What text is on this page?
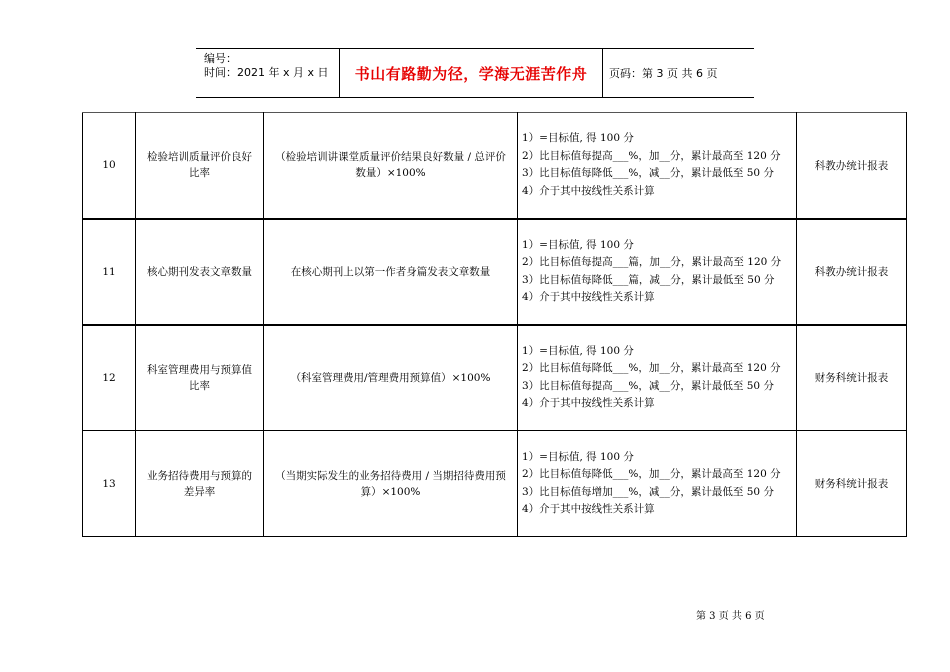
编号：
时间：2021 年 x 月 x 日	书山有路勤为径，学海无涯苦作舟	页码：第 3 页 共 6 页
10	检验培训质量评价良好比率	（检验培训讲课堂质量评价结果良好数量 / 总评价数量）×100%	1）=目标值, 得 100 分
2）比目标值每提高___%，加__分，累计最高至 120 分
3）比目标值每降低___%，减__分，累计最低至 50 分
4）介于其中按线性关系计算	科教办统计报表
11	核心期刊发表文章数量	在核心期刊上以第一作者身篇发表文章数量	1）=目标值, 得 100 分
2）比目标值每提高___篇，加__分，累计最高至 120 分
3）比目标值每降低___篇，减__分，累计最低至 50 分
4）介于其中按线性关系计算	科教办统计报表
12	科室管理费用与预算值比率	（科室管理费用/管理费用预算值）×100%	1）=目标值, 得 100 分
2）比目标值每降低___%，加__分，累计最高至 120 分
3）比目标值每提高___%，减__分，累计最低至 50 分
4）介于其中按线性关系计算	财务科统计报表
13	业务招待费用与预算的差异率	（当期实际发生的业务招待费用 / 当期招待费用预算）×100%	1）=目标值, 得 100 分
2）比目标值每降低___%，加__分，累计最高至 120 分
3）比目标值每增加___%，减__分，累计最低至 50 分
4）介于其中按线性关系计算	财务科统计报表
第 3 页 共 6 页
